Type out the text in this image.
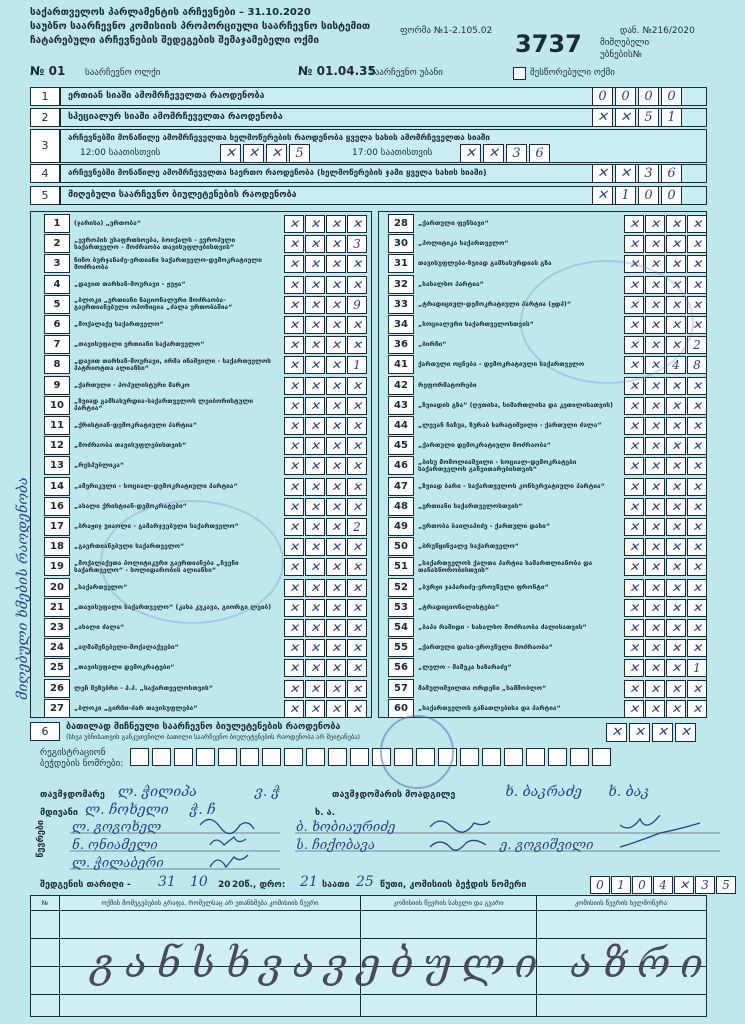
საქართველოს პარლამენტის არჩევნები – 31.10.2020
საუბნო საარჩევნო კომისიის პროპორციული საარჩევნო სისტემით
ჩატარებული არჩევნების შედეგების შემაჯამებელი ოქმი
ფორმა №1-2.105.02 3737	დან. №216/2020
მიმღებელი
უბნების№
№ 01 საარჩევნო ოლქი	№ 01.04.35
საარჩევნო უბანი	შესწორებული ოქმი
1	ერთიან სიაში ამომრჩეველთა რაოდენობა	0	0	0	0
2	სპეციალურ სიაში ამომრჩეველთა რაოდენობა	✕ ✕	5	1
3
არჩევნებში მონაწილე ამომრჩეველთა ხელმოწერების რაოდენობა ყველა სახის ამომრჩეველთა სიაში
12:00 საათისთვის	17:00 საათისთვის
✕ ✕ ✕	5	✕ ✕	3	6
4	არჩევნებში მონაწილე ამომრჩეველთა საერთო რაოდენობა (ხელმოწერების ჯამი ყველა სახის სიაში)	✕ ✕	3	6
5	მიღებული საარჩევნო ბიულეტენების რაოდენობა	✕	1	0	0
მიღებული ხმების რაოდენობა
1	(ჯარისა) „ერთობა“	✕ ✕ ✕ ✕
2	„ევროპის უსაფრთხოება, ბოიქალს - ევროპული საქართველო - მოძრაობა თავისუფლებისთვის“	✕ ✕ ✕	3
3	ნინო ბურჯანაძე-ერთიანი საქართველო-დემოკრატიული მოძრაობა	✕ ✕ ✕ ✕
4	„დავით თარხან-მოურავი - ჟუჟა“	✕ ✕ ✕ ✕
5	„ბლოკი „ერთიანი ნაციონალური მოძრაობა-გაერთიანებული ოპოზიცია „ძალა ერთობაშია“	✕ ✕ ✕	9
6	„მოქალაქე საქართველო“	✕ ✕ ✕ ✕
7	„თავისუფალი ერთიანი საქართველო“	✕ ✕ ✕ ✕
8	„დავით თარხან-მოურავი, ირმა ინაშვილი - საქართველოს პატრიოტთა ალიანსი“	✕ ✕ ✕	1
9	„ქართული - პოპულისტური მარკო	✕ ✕ ✕ ✕
10	„ზვიად გამსახურდია-საქართველოს ლეიბორისტული პარტია“	✕ ✕ ✕ ✕
11	„ქრისტიან-დემოკრატიული პარტია“	✕ ✕ ✕ ✕
12	„მოძრაობა თავისუფლებისთვის“	✕ ✕ ✕ ✕
13	„რესპუბლიკა“	✕ ✕ ✕ ✕
14	„ამერიკული - სოციალ-დემოკრატიული პარტია“	✕ ✕ ✕ ✕
16	„ახალი ქრისტიან-დემოკრატები“	✕ ✕ ✕ ✕
17	„ბრაჟიჯ უიაოლი - გამარჯვებული საქართველო“	✕ ✕ ✕	2
18	„გაერთიანებული საქართველო“	✕ ✕ ✕ ✕
19	„მოქალაქეთა პოლიტიკური გაერთიანება „ჩვენი საქართველო“ - სოლიდარობის ალიანსი“	✕ ✕ ✕ ✕
20	„საქართველო“	✕ ✕ ✕ ✕
21	„თავისუფალი საქართველო“ (კახა კუკავა, გიორგი ლეიბ)	✕ ✕ ✕ ✕
23	„ახალი ძალა“	✕ ✕ ✕ ✕
24	„აღმაშენებელი-მოქალაქეები“	✕ ✕ ✕ ✕
25	„თავისუფალი დემოკრატები“	✕ ✕ ✕ ✕
26	ლეჩ მეზუბრი - პ.პ. „საქართველოსთვის“	✕ ✕ ✕ ✕
27	„ბლოკი „გირჩი-ძარ თავისუფლება“	✕ ✕ ✕ ✕
28	„ქართული ფენსავი“	✕ ✕ ✕ ✕
30	„პოლიტიკა საქართველო“	✕ ✕ ✕ ✕
31	თავისუფლება-ზვიად გამსახურდიას გზა	✕ ✕ ✕ ✕
32	„სახალხო პარტია“	✕ ✕ ✕ ✕
33	„ტრადიციულ-დემოკრატიული პარტია (ჟდპ)“	✕ ✕ ✕ ✕
34	„სოციალური საქართველოსთვის“	✕ ✕ ✕ ✕
36	„ბირჩი“	✕ ✕ ✕	2
41	ქართული ოცნება - დემოკრატიული საქართველო	✕ ✕	4	8
42	რეფორმატორები	✕ ✕ ✕ ✕
43	„ზვიადის გზა“ (ღვთისა, სიმართლისა და კეთილისათვის)	✕ ✕ ✕ ✕
44	„ლევან ჩაჩუა, ზურაბ ხარატიშვილი - ქართული ძალა“	✕ ✕ ✕ ✕
45	„ქართული დემოკრატიული მოძრაობა“	✕ ✕ ✕ ✕
46	„ბისუ მომოლიაშვილი - სოციალ-დემოკრატები საქართველოს განვითარებისთვის“	✕ ✕ ✕ ✕
47	„ზვიად ბარი - საქართველოს კონსერვატიული პარტია“	✕ ✕ ✕ ✕
48	„ერთიანი საქართველოსთვის“	✕ ✕ ✕ ✕
49	„ერთობა ბაილაპიძე - ქართული დასი“	✕ ✕ ✕ ✕
50	„ბრუწყინვალე საქართველო“	✕ ✕ ✕ ✕
51	„საქართველოს ქალთა პარტია სამართლიანობა და თანასწორობისთვის“	✕ ✕ ✕ ✕
52	„ბურჟი ჯაპარიძე-ეროვნული ფრონტი“	✕ ✕ ✕ ✕
53	„ტრადიციონალისტები“	✕ ✕ ✕ ✕
54	„ბაპა რაშიდი - სახალხო მოძრაობა ძალისათვის“	✕ ✕ ✕ ✕
55	„ქართული დასი-ეროვნული მოძრაობა“	✕ ✕ ✕ ✕
56	„ლელო - მამუკა ხაზარაძე“	✕ ✕ ✕	1
57	მამულიშვილთა ორდენი „სამშობლო“	✕ ✕ ✕ ✕
60	„საქართველოს განათლებისა და პარტია“	✕ ✕ ✕ ✕
6	ბათილად მიჩნეული საარჩევნო ბიულეტენების რაოდენობა
(სხვა უბნისათვის განკუთვნილი ბათილი საარჩევნო ბიულეტენების რაოდენობა არ შეიტანება)	✕ ✕ ✕ ✕
რეგისტრაციონ
ბეჭდების ნომრები:
თავმჯდომარე ლ. ჭილიპა	ვ. ჭ	თავმჯდომარის მოადგილე	ხ. ბაკრაძე ხ. ბაკ
მდივანი ლ. ჩოხელი ჭ. ჩ	ხ. ა.
წევრები ლ. გოგოხელ
ნ. ონიამელი
ლ. ჭილაბერი
ბ. ხობიაურიძე
ს. ჩიქობავა	ე. გოგიშვილი
შედგენის თარიღი - 31 10 20 20წ., დრო: 21 საათი 25 წუთი, კომისიის ბეჭდის ნომერი	0	1	0	4	✕	3	5
№	ოქმის მომეგებების გრაფა, რომელსაც არ ეთანხმება კომისიის წევრი	კომისიის წევრის სახელი და გვარი	კომისიის წევრის ხელმოწერა
განსხვავებული აზრი
